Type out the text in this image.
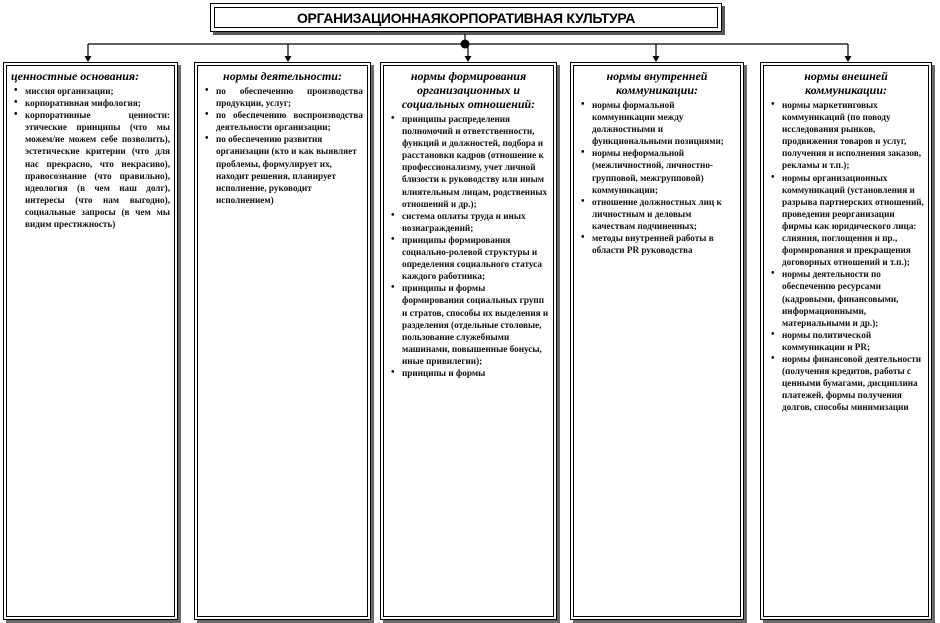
ОРГАНИЗАЦИОННАЯКОРПОРАТИВНАЯ КУЛЬТУРА
ценностные основания:
• миссия организации;
• корпоративная мифология;
• корпоративные ценности: этические принципы (что мы можем/не можем себе позволить), эстетические критерии (что для нас прекрасно, что некрасиво), правосознание (что правильно), идеология (в чем наш долг), интересы (что нам выгодно), социальные запросы (в чем мы видим престижность)
нормы деятельности:
• по обеспечению производства продукции, услуг;
• по обеспечению воспроизводства деятельности организации;
• по обеспечению развития организации (кто и как выявляет проблемы, формулирует их, находит решения, планирует исполнение, руководит исполнением)
нормы формирования организационных и социальных отношений:
• принципы распределения полномочий и ответственности, функций и должностей, подбора и расстановки кадров (отношение к профессионализму, учет личной близости к руководству или иным влиятельным лицам, родственных отношений и др.);
• система оплаты труда и иных вознаграждений;
• принципы формирования социально-ролевой структуры и определения социального статуса каждого работника;
• принципы и формы формирования социальных групп и стратов, способы их выделения и разделения (отдельные столовые, пользование служебными машинами, повышенные бонусы, иные привилегии);
• принципы и формы
нормы внутренней коммуникации:
• нормы формальной коммуникации между должностными и функциональными позициями;
• нормы неформальной (межличностной, личностно-групповой, межгрупповой) коммуникации;
• отношение должностных лиц к личностным и деловым качествам подчиненных;
• методы внутренней работы в области PR руководства
нормы внешней коммуникации:
• нормы маркетинговых коммуникаций (по поводу исследования рынков, продвижения товаров и услуг, получения и исполнения заказов, рекламы и т.п.);
• нормы организационных коммуникаций (установления и разрыва партнерских отношений, проведения реорганизации фирмы как юридического лица: слияния, поглощения и пр., формирования и прекращения договорных отношений и т.п.);
• нормы деятельности по обеспечению ресурсами (кадровыми, финансовыми, информационными, материальными и др.);
• нормы политической коммуникации и PR;
• нормы финансовой деятельности (получения кредитов, работы с ценными бумагами, дисциплина платежей, формы получения долгов, способы минимизации
